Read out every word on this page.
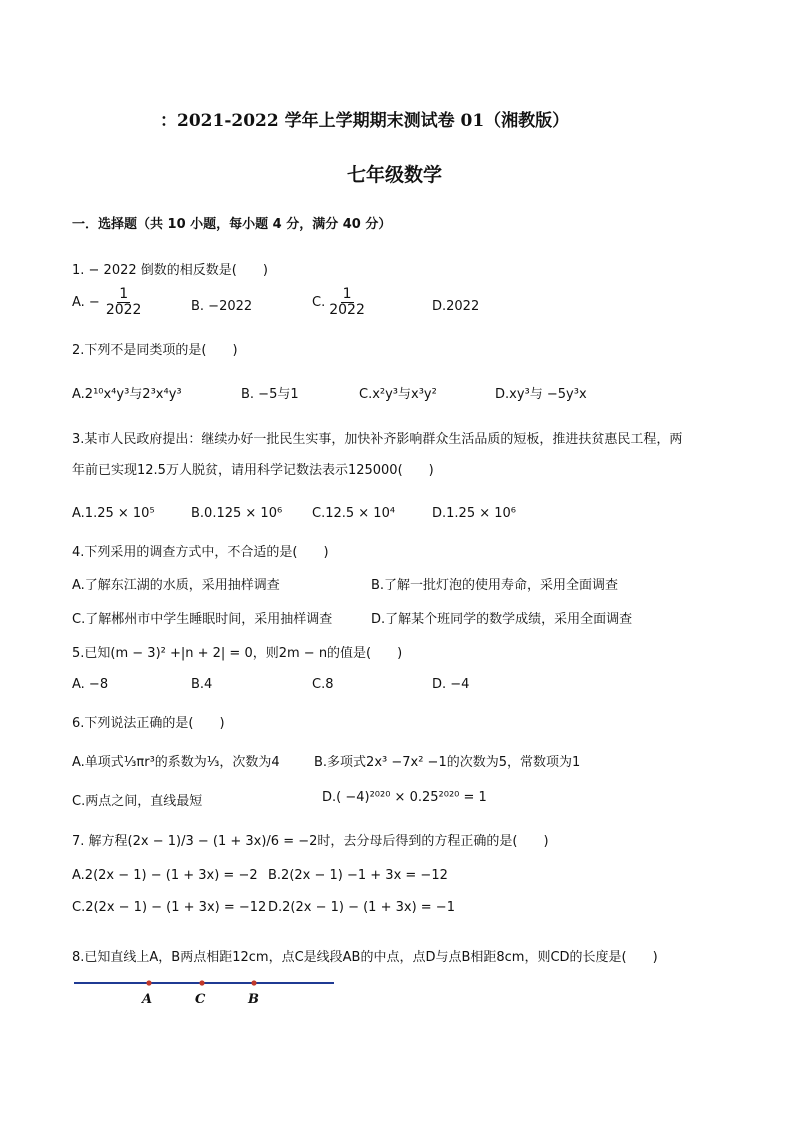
：2021-2022 学年上学期期末测试卷 01（湘教版）
七年级数学
一．选择题（共 10 小题，每小题 4 分，满分 40 分）
1. − 2022 倒数的相反数是(　　)
A. − $\frac{1}{2022}$	B. −2022	C. $\frac{1}{2022}$	D.2022
2.下列不是同类项的是(　　)
A.2¹⁰x⁴y³与2³x⁴y³	B. −5与1	C.x²y³与x³y²	D.xy³与 −5y³x
3.某市人民政府提出：继续办好一批民生实事，加快补齐影响群众生活品质的短板，推进扶贫惠民工程，两
年前已实现12.5万人脱贫，请用科学记数法表示125000(　　)
A.1.25 × 10⁵	B.0.125 × 10⁶ C.12.5 × 10⁴	D.1.25 × 10⁶
4.下列采用的调查方式中，不合适的是(　　)
A.了解东江湖的水质，采用抽样调查	B.了解一批灯泡的使用寿命，采用全面调查
C.了解郴州市中学生睡眠时间，采用抽样调查	D.了解某个班同学的数学成绩，采用全面调查
5.已知(m − 3)² +|n + 2| = 0，则2m − n的值是(　　)
A. −8	B.4	C.8	D. −4
6.下列说法正确的是(　　)
A.单项式⅓πr³的系数为⅓，次数为4	B.多项式2x³ −7x² −1的次数为5，常数项为1
C.两点之间，直线最短	D.( −4)²⁰²⁰ × 0.25²⁰²⁰ = 1
7. 解方程(2x − 1)/3 − (1 + 3x)/6 = −2时，去分母后得到的方程正确的是(　　)
A.2(2x − 1) − (1 + 3x) = −2 B.2(2x − 1) −1 + 3x = −12
C.2(2x − 1) − (1 + 3x) = −12 D.2(2x − 1) − (1 + 3x) = −1
8.已知直线上A，B两点相距12cm，点C是线段AB的中点，点D与点B相距8cm，则CD的长度是(　　)
A	C	B
